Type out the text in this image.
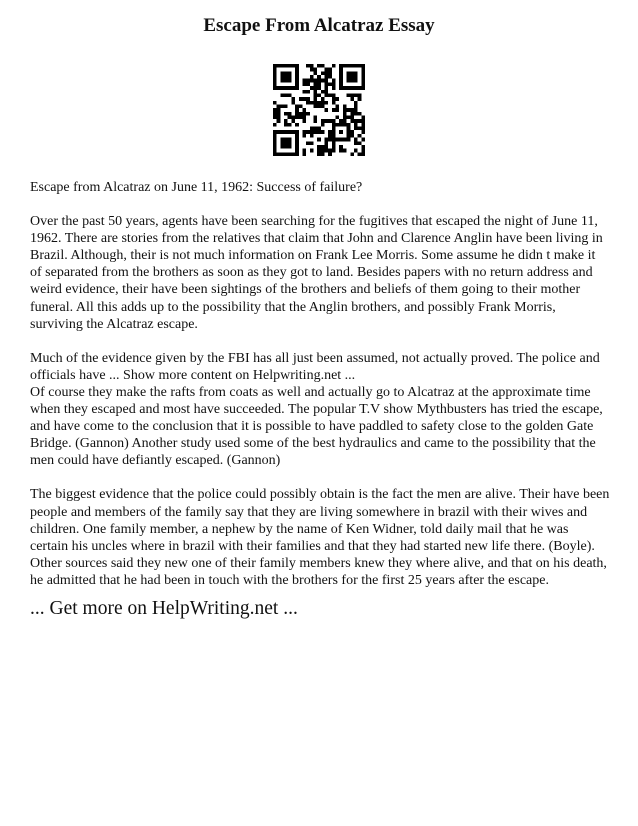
Escape From Alcatraz Essay

Escape from Alcatraz on June 11, 1962: Success of failure?

Over the past 50 years, agents have been searching for the fugitives that escaped the night of June 11, 1962. There are stories from the relatives that claim that John and Clarence Anglin have been living in Brazil. Although, their is not much information on Frank Lee Morris. Some assume he didn t make it of separated from the brothers as soon as they got to land. Besides papers with no return address and weird evidence, their have been sightings of the brothers and beliefs of them going to their mother funeral. All this adds up to the possibility that the Anglin brothers, and possibly Frank Morris, surviving the Alcatraz escape.

Much of the evidence given by the FBI has all just been assumed, not actually proved. The police and officials have ... Show more content on Helpwriting.net ...

Of course they make the rafts from coats as well and actually go to Alcatraz at the approximate time when they escaped and most have succeeded. The popular T.V show Mythbusters has tried the escape, and have come to the conclusion that it is possible to have paddled to safety close to the golden Gate Bridge. (Gannon) Another study used some of the best hydraulics and came to the possibility that the men could have defiantly escaped. (Gannon)

The biggest evidence that the police could possibly obtain is the fact the men are alive. Their have been people and members of the family say that they are living somewhere in brazil with their wives and children. One family member, a nephew by the name of Ken Widner, told daily mail that he was certain his uncles where in brazil with their families and that they had started new life there. (Boyle). Other sources said they new one of their family members knew they where alive, and that on his death, he admitted that he had been in touch with the brothers for the first 25 years after the escape.

... Get more on HelpWriting.net ...
